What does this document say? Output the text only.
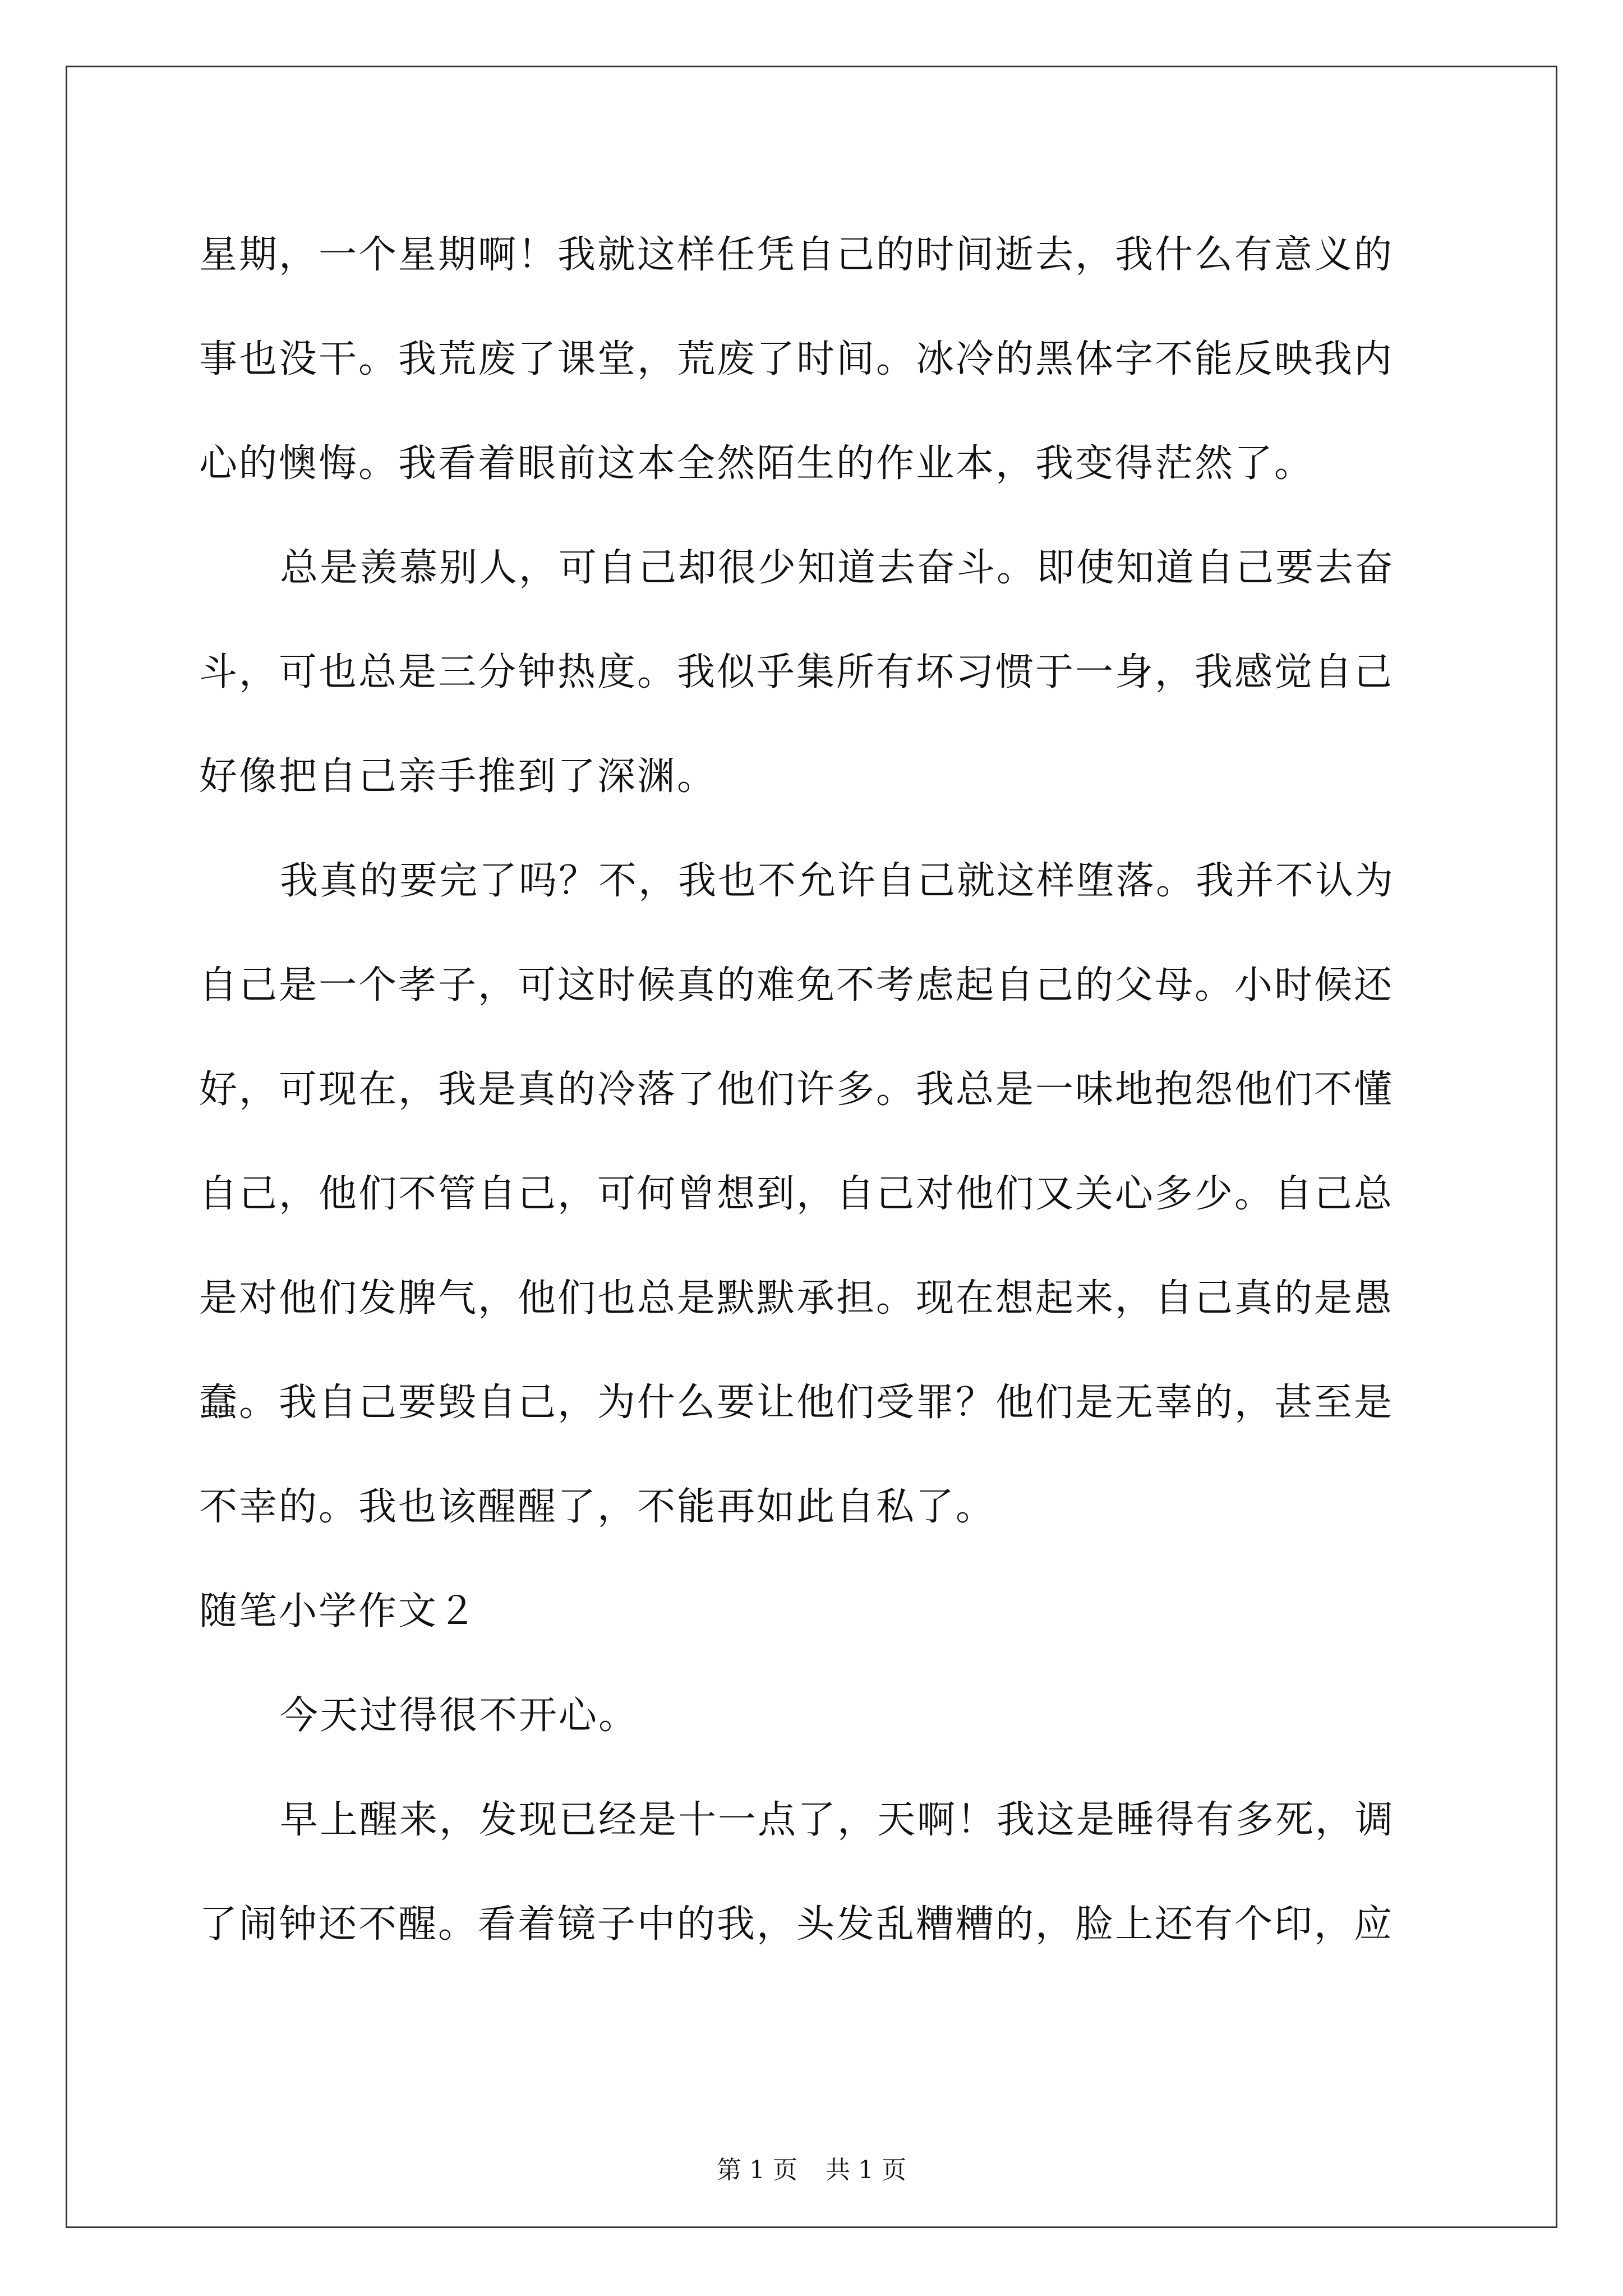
星期，一个星期啊！我就这样任凭自己的时间逝去，我什么有意义的
事也没干。我荒废了课堂，荒废了时间。冰冷的黑体字不能反映我内
心的懊悔。我看着眼前这本全然陌生的作业本，我变得茫然了。
总是羡慕别人，可自己却很少知道去奋斗。即使知道自己要去奋
斗，可也总是三分钟热度。我似乎集所有坏习惯于一身，我感觉自己
好像把自己亲手推到了深渊。
我真的要完了吗？不，我也不允许自己就这样堕落。我并不认为
自己是一个孝子，可这时候真的难免不考虑起自己的父母。小时候还
好，可现在，我是真的冷落了他们许多。我总是一味地抱怨他们不懂
自己，他们不管自己，可何曾想到，自己对他们又关心多少。自己总
是对他们发脾气，他们也总是默默承担。现在想起来，自己真的是愚
蠢。我自己要毁自己，为什么要让他们受罪？他们是无辜的，甚至是
不幸的。我也该醒醒了，不能再如此自私了。
随笔小学作文２
今天过得很不开心。
早上醒来，发现已经是十一点了，天啊！我这是睡得有多死，调
了闹钟还不醒。看着镜子中的我，头发乱糟糟的，脸上还有个印，应
第 1 页 共 1 页
